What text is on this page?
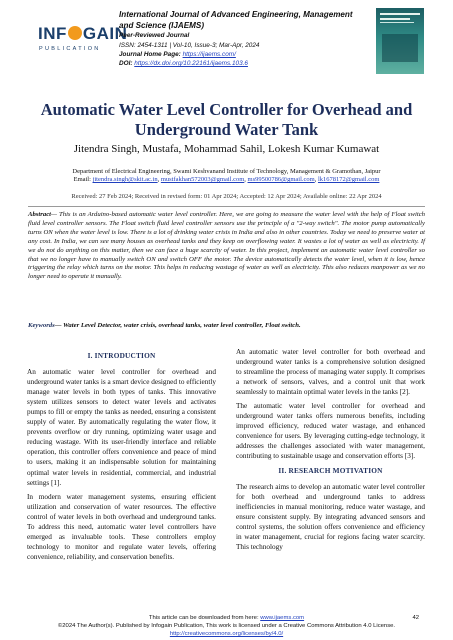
INF GAIN
PUBLICATION
International Journal of Advanced Engineering, Management and Science (IJAEMS)
Peer-Reviewed Journal
ISSN: 2454-1311 | Vol-10, Issue-3; Mar-Apr, 2024
Journal Home Page: https://ijaems.com/
DOI: https://dx.doi.org/10.22161/ijaems.103.6
Automatic Water Level Controller for Overhead and Underground Water Tank
Jitendra Singh, Mustafa, Mohammad Sahil, Lokesh Kumar Kumawat
Department of Electrical Engineering, Swami Keshvanand Institute of Technology, Management & Gramothan, Jaipur
Email: jitendra.singh@skit.ac.in, mustfakhan572003@gmail.com, ms99500786@gmail.com, lk1678172@gmail.com
Received: 27 Feb 2024; Received in revised form: 01 Apr 2024; Accepted: 12 Apr 2024; Available online: 22 Apr 2024
Abstract— This is an Arduino-based automatic water level controller. Here, we are going to measure the water level with the help of Float switch fluid level controller sensors. The Float switch fluid level controller sensors use the principle of a "2-way switch". The motor pump automatically turns ON when the water level is low. There is a lot of drinking water crisis in India and also in other countries. Today we need to preserve water at any cost. In India, we can see many houses as overhead tanks and they keep on overflowing water. It wastes a lot of water as well as electricity. If we do not do anything on this matter, then we can face a huge scarcity of water. In this project, implement an automatic water level controller so that we no longer have to manually switch ON and switch OFF the motor. The device automatically detects the water level, when it is low, hence triggering the relay which turns on the motor. This helps in reducing wastage of water as well as electricity. This also reduces manpower as we no longer need to operate it manually.
Keywords— Water Level Detector, water crisis, overhead tanks, water level controller, Float switch.
I. INTRODUCTION

An automatic water level controller for overhead and underground water tanks is a smart device designed to efficiently manage water levels in both types of tanks. This innovative system utilizes sensors to detect water levels and activates pumps to fill or empty the tanks as needed, ensuring a consistent supply of water. By automatically regulating the water flow, it prevents overflow or dry running, optimizing water usage and reducing wastage. With its user-friendly interface and reliable operation, this controller offers convenience and peace of mind to users, making it an indispensable solution for maintaining optimal water levels in residential, commercial, and industrial settings [1].

In modern water management systems, ensuring efficient utilization and conservation of water resources. The effective control of water levels in both overhead and underground tanks. To address this need, automatic water level controllers have emerged as invaluable tools. These controllers employ technology to monitor and regulate water levels, offering convenience, reliability, and conservation benefits.

An automatic water level controller for both overhead and underground water tanks is a comprehensive solution designed to streamline the process of managing water supply. It comprises a network of sensors, valves, and a control unit that work seamlessly to maintain optimal water levels in the tanks [2].

The automatic water level controller for overhead and underground water tanks offers numerous benefits, including improved efficiency, reduced water wastage, and enhanced convenience for users. By leveraging cutting-edge technology, it addresses the challenges associated with water management, contributing to sustainable usage and conservation efforts [3].

II. RESEARCH MOTIVATION

The research aims to develop an automatic water level controller for both overhead and underground tanks to address inefficiencies in manual monitoring, reduce water wastage, and ensure consistent supply. By integrating advanced sensors and control systems, the solution offers convenience and efficiency in water management, crucial for regions facing water scarcity. This technology

This article can be downloaded from here: www.ijaems.com	42
©2024 The Author(s). Published by Infogain Publication, This work is licensed under a Creative Commons Attribution 4.0 License.
http://creativecommons.org/licenses/by/4.0/
